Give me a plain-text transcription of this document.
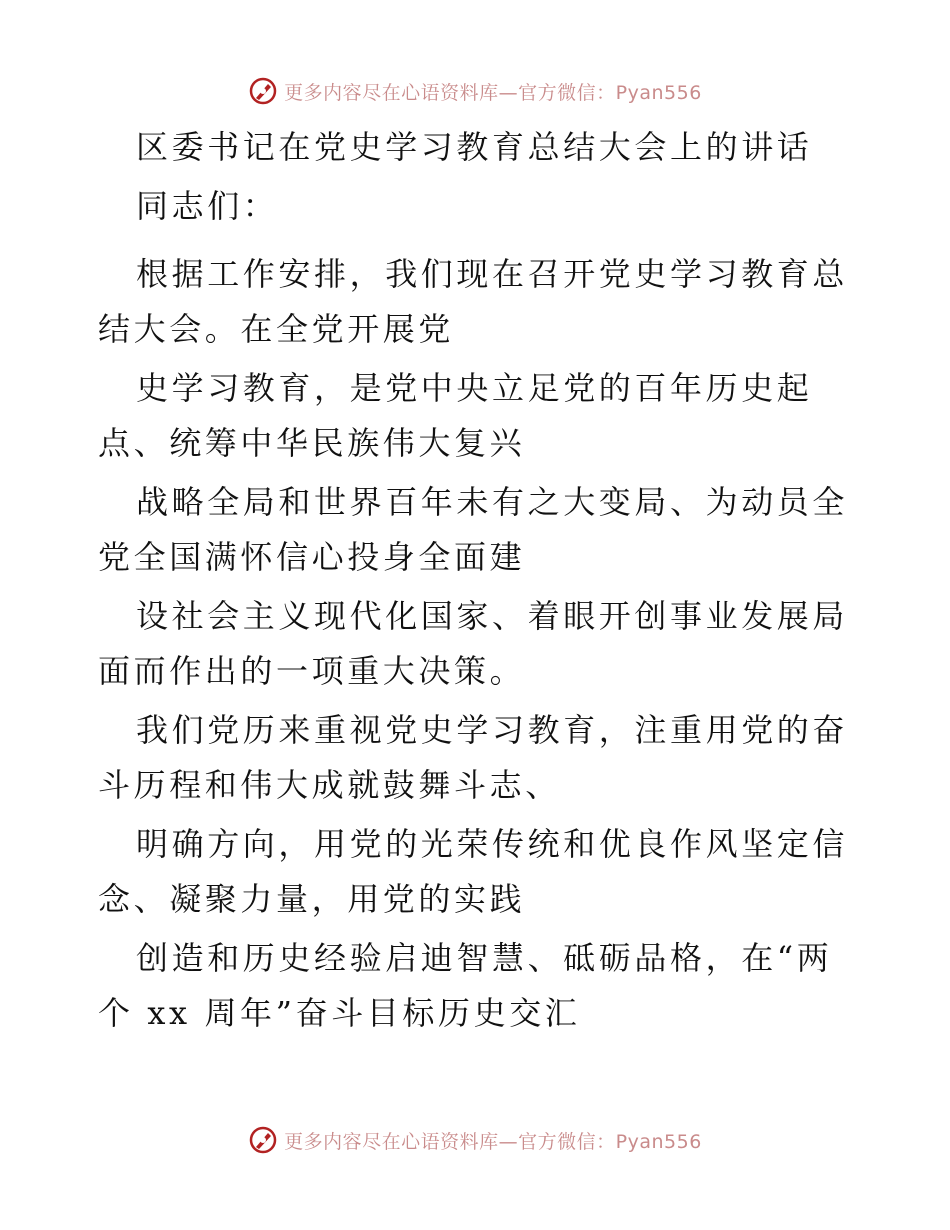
更多内容尽在心语资料库—官方微信：Pyan556

区委书记在党史学习教育总结大会上的讲话

同志们：

根据工作安排，我们现在召开党史学习教育总结大会。在全党开展党

史学习教育，是党中央立足党的百年历史起点、统筹中华民族伟大复兴

战略全局和世界百年未有之大变局、为动员全党全国满怀信心投身全面建

设社会主义现代化国家、着眼开创事业发展局面而作出的一项重大决策。

我们党历来重视党史学习教育，注重用党的奋斗历程和伟大成就鼓舞斗志、

明确方向，用党的光荣传统和优良作风坚定信念、凝聚力量，用党的实践

创造和历史经验启迪智慧、砥砺品格，在“两个 xx 周年”奋斗目标历史交汇

更多内容尽在心语资料库—官方微信：Pyan556
